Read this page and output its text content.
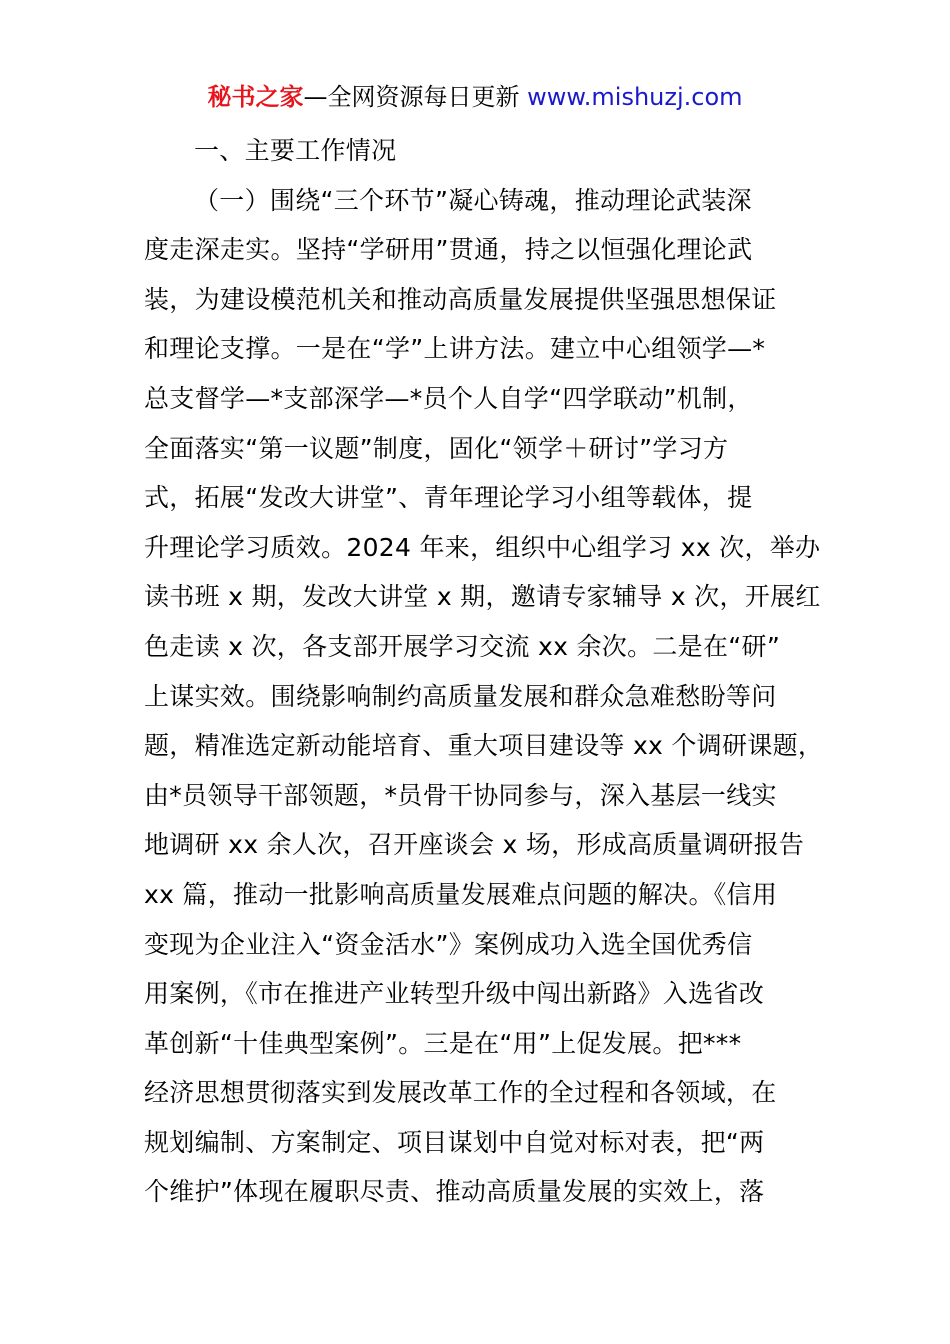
秘书之家—全网资源每日更新 www.mishuzj.com
一、主要工作情况
（一）围绕“三个环节”凝心铸魂，推动理论武装深
度走深走实。坚持“学研用”贯通，持之以恒强化理论武
装，为建设模范机关和推动高质量发展提供坚强思想保证
和理论支撑。一是在“学”上讲方法。建立中心组领学—*
总支督学—*支部深学—*员个人自学“四学联动”机制，
全面落实“第一议题”制度，固化“领学＋研讨”学习方
式，拓展“发改大讲堂”、青年理论学习小组等载体，提
升理论学习质效。2024 年来，组织中心组学习 xx 次，举办
读书班 x 期，发改大讲堂 x 期，邀请专家辅导 x 次，开展红
色走读 x 次，各支部开展学习交流 xx 余次。二是在“研”
上谋实效。围绕影响制约高质量发展和群众急难愁盼等问
题，精准选定新动能培育、重大项目建设等 xx 个调研课题，
由*员领导干部领题，*员骨干协同参与，深入基层一线实
地调研 xx 余人次，召开座谈会 x 场，形成高质量调研报告
xx 篇，推动一批影响高质量发展难点问题的解决。《信用
变现为企业注入“资金活水”》案例成功入选全国优秀信
用案例，《市在推进产业转型升级中闯出新路》入选省改
革创新“十佳典型案例”。三是在“用”上促发展。把***
经济思想贯彻落实到发展改革工作的全过程和各领域，在
规划编制、方案制定、项目谋划中自觉对标对表，把“两
个维护”体现在履职尽责、推动高质量发展的实效上，落
